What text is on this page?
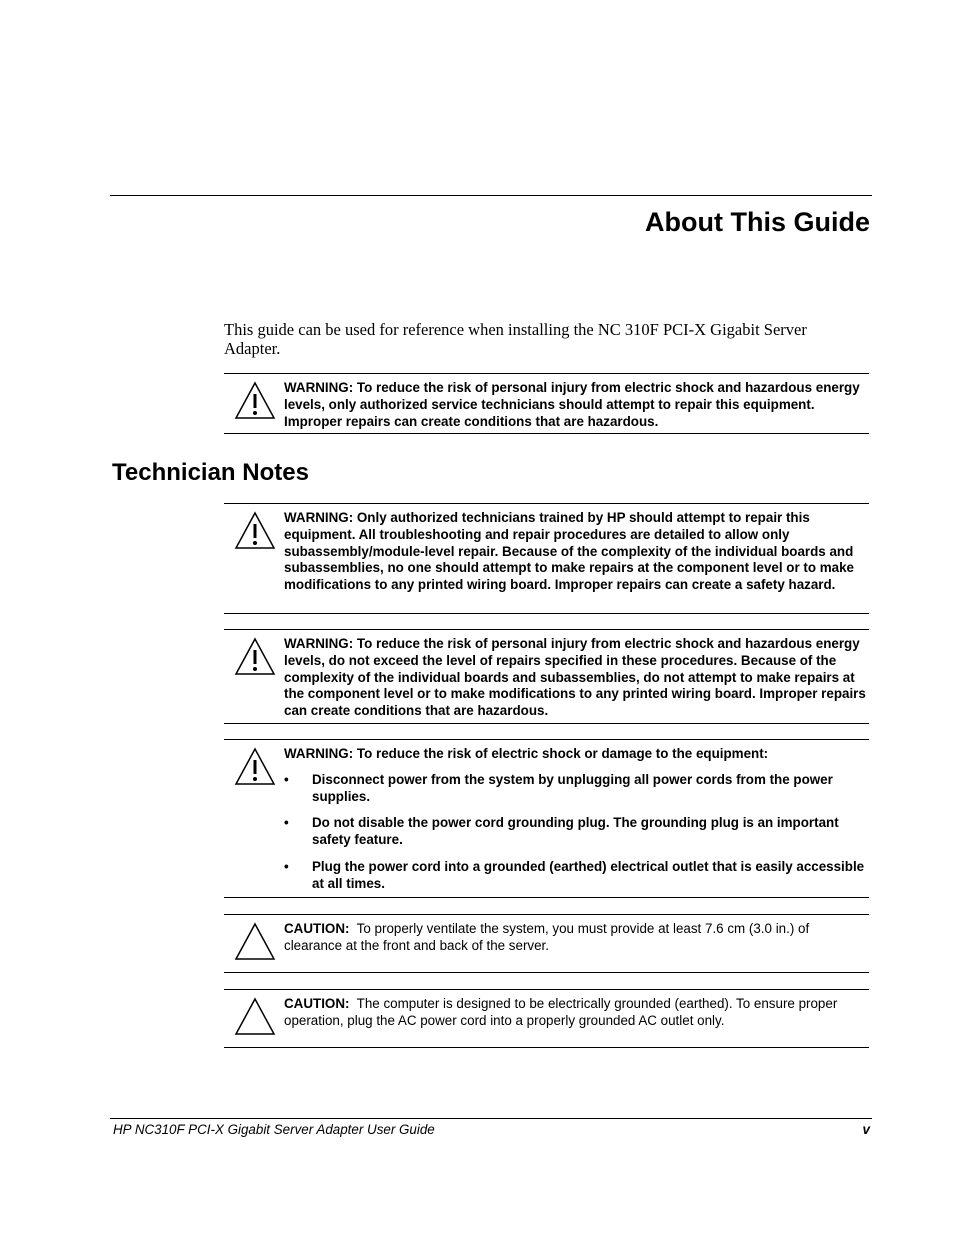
About This Guide

This guide can be used for reference when installing the NC 310F PCI-X Gigabit Server Adapter.

WARNING: To reduce the risk of personal injury from electric shock and hazardous energy levels, only authorized service technicians should attempt to repair this equipment. Improper repairs can create conditions that are hazardous.
Technician Notes
WARNING: Only authorized technicians trained by HP should attempt to repair this equipment. All troubleshooting and repair procedures are detailed to allow only subassembly/module-level repair. Because of the complexity of the individual boards and subassemblies, no one should attempt to make repairs at the component level or to make modifications to any printed wiring board. Improper repairs can create a safety hazard.
WARNING: To reduce the risk of personal injury from electric shock and hazardous energy levels, do not exceed the level of repairs specified in these procedures. Because of the complexity of the individual boards and subassemblies, do not attempt to make repairs at the component level or to make modifications to any printed wiring board. Improper repairs can create conditions that are hazardous.
WARNING: To reduce the risk of electric shock or damage to the equipment:
• Disconnect power from the system by unplugging all power cords from the power supplies.
• Do not disable the power cord grounding plug. The grounding plug is an important safety feature.
• Plug the power cord into a grounded (earthed) electrical outlet that is easily accessible at all times.
CAUTION: To properly ventilate the system, you must provide at least 7.6 cm (3.0 in.) of clearance at the front and back of the server.
CAUTION: The computer is designed to be electrically grounded (earthed). To ensure proper operation, plug the AC power cord into a properly grounded AC outlet only.

HP NC310F PCI-X Gigabit Server Adapter User Guide	v
